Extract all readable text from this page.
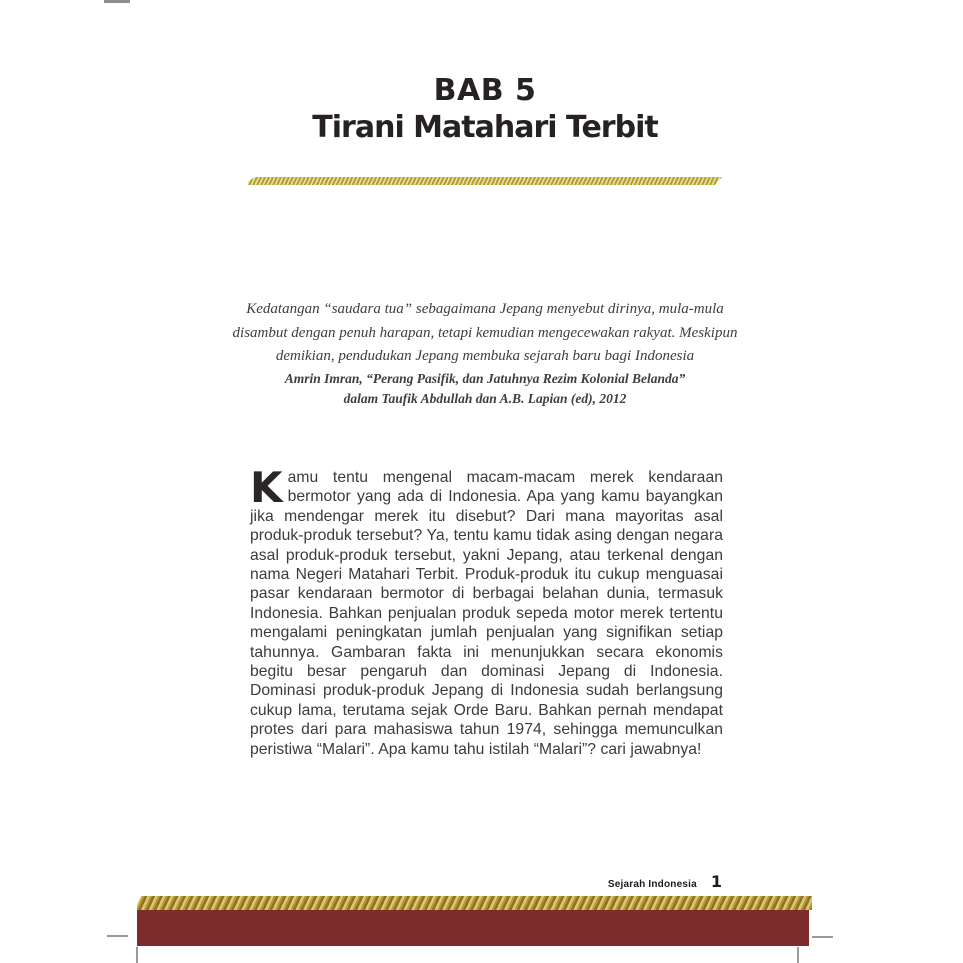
BAB 5
Tirani Matahari Terbit

Kedatangan “saudara tua” sebagaimana Jepang menyebut dirinya, mula-mula

disambut dengan penuh harapan, tetapi kemudian mengecewakan rakyat. Meskipun

demikian, pendudukan Jepang membuka sejarah baru bagi Indonesia

Amrin Imran, “Perang Pasifik, dan Jatuhnya Rezim Kolonial Belanda”

dalam Taufik Abdullah dan A.B. Lapian (ed), 2012

Kamu tentu mengenal macam-macam merek kendaraan bermotor yang ada di Indonesia. Apa yang kamu bayangkan jika mendengar merek itu disebut? Dari mana mayoritas asal produk-produk tersebut? Ya, tentu kamu tidak asing dengan negara asal produk-produk tersebut, yakni Jepang, atau terkenal dengan nama Negeri Matahari Terbit. Produk-produk itu cukup menguasai pasar kendaraan bermotor di berbagai belahan dunia, termasuk Indonesia. Bahkan penjualan produk sepeda motor merek tertentu mengalami peningkatan jumlah penjualan yang signifikan setiap tahunnya. Gambaran fakta ini menunjukkan secara ekonomis begitu besar pengaruh dan dominasi Jepang di Indonesia. Dominasi produk-produk Jepang di Indonesia sudah berlangsung cukup lama, terutama sejak Orde Baru. Bahkan pernah mendapat protes dari para mahasiswa tahun 1974, sehingga memunculkan peristiwa “Malari”. Apa kamu tahu istilah “Malari”? cari jawabnya!
Sejarah Indonesia 1
